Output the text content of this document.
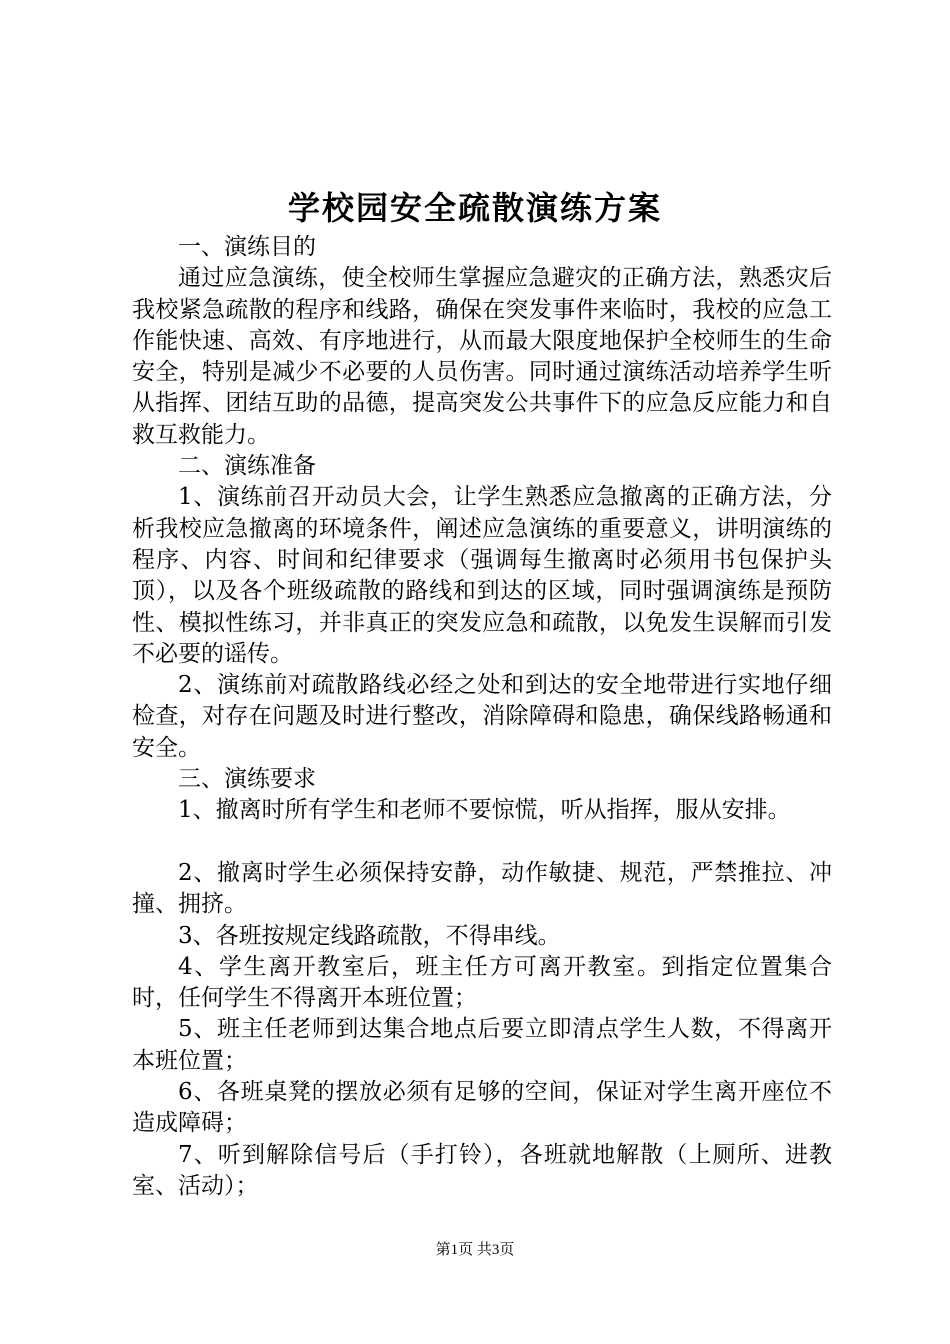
学校园安全疏散演练方案

一、演练目的

通过应急演练，使全校师生掌握应急避灾的正确方法，熟悉灾后我校紧急疏散的程序和线路，确保在突发事件来临时，我校的应急工作能快速、高效、有序地进行，从而最大限度地保护全校师生的生命安全，特别是减少不必要的人员伤害。同时通过演练活动培养学生听从指挥、团结互助的品德，提高突发公共事件下的应急反应能力和自救互救能力。

二、演练准备

1、演练前召开动员大会，让学生熟悉应急撤离的正确方法，分析我校应急撤离的环境条件，阐述应急演练的重要意义，讲明演练的程序、内容、时间和纪律要求（强调每生撤离时必须用书包保护头顶），以及各个班级疏散的路线和到达的区域，同时强调演练是预防性、模拟性练习，并非真正的突发应急和疏散，以免发生误解而引发不必要的谣传。

2、演练前对疏散路线必经之处和到达的安全地带进行实地仔细检查，对存在问题及时进行整改，消除障碍和隐患，确保线路畅通和安全。

三、演练要求

1、撤离时所有学生和老师不要惊慌，听从指挥，服从安排。

2、撤离时学生必须保持安静，动作敏捷、规范，严禁推拉、冲撞、拥挤。

3、各班按规定线路疏散，不得串线。

4、学生离开教室后，班主任方可离开教室。到指定位置集合时，任何学生不得离开本班位置；

5、班主任老师到达集合地点后要立即清点学生人数，不得离开本班位置；

6、各班桌凳的摆放必须有足够的空间，保证对学生离开座位不造成障碍；

7、听到解除信号后（手打铃），各班就地解散（上厕所、进教室、活动）；

第1页 共3页
